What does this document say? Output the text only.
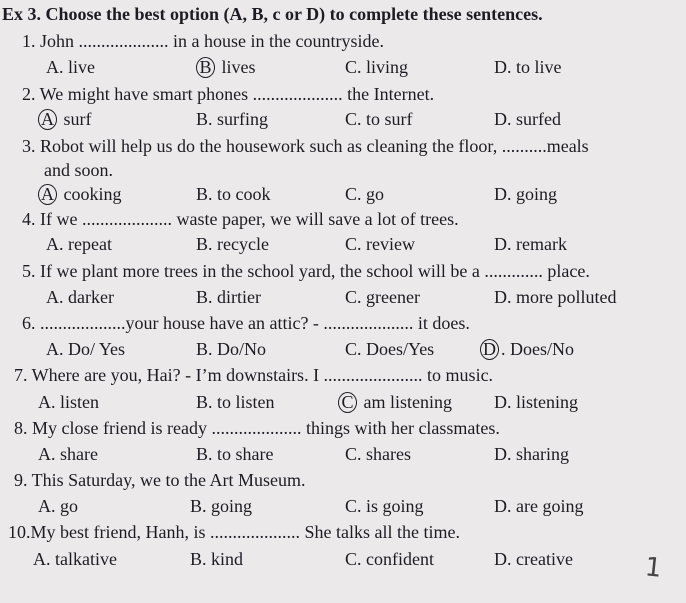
Ex 3. Choose the best option (A, B, c or D) to complete these sentences.
1. John .................... in a house in the countryside.
A. live	B lives	C. living	D. to live
2. We might have smart phones .................... the Internet.
A surf	B. surfing	C. to surf	D. surfed
3. Robot will help us do the housework such as cleaning the floor, ..........meals
and soon.
A cooking	B. to cook	C. go	D. going
4. If we .................... waste paper, we will save a lot of trees.
A. repeat	B. recycle	C. review	D. remark
5. If we plant more trees in the school yard, the school will be a ............. place.
A. darker	B. dirtier	C. greener	D. more polluted
6. ...................your house have an attic? - .................... it does.
A. Do/ Yes	B. Do/No	C. Does/Yes	D . Does/No
7. Where are you, Hai? - I’m downstairs. I ...................... to music.
A. listen	B. to listen	C am listening D. listening
8. My close friend is ready .................... things with her classmates.
A. share	B. to share	C. shares	D. sharing
9. This Saturday, we to the Art Museum.
A. go	B. going	C. is going	D. are going
10.My best friend, Hanh, is .................... She talks all the time.
A. talkative	B. kind	C. confident	D. creative	1
